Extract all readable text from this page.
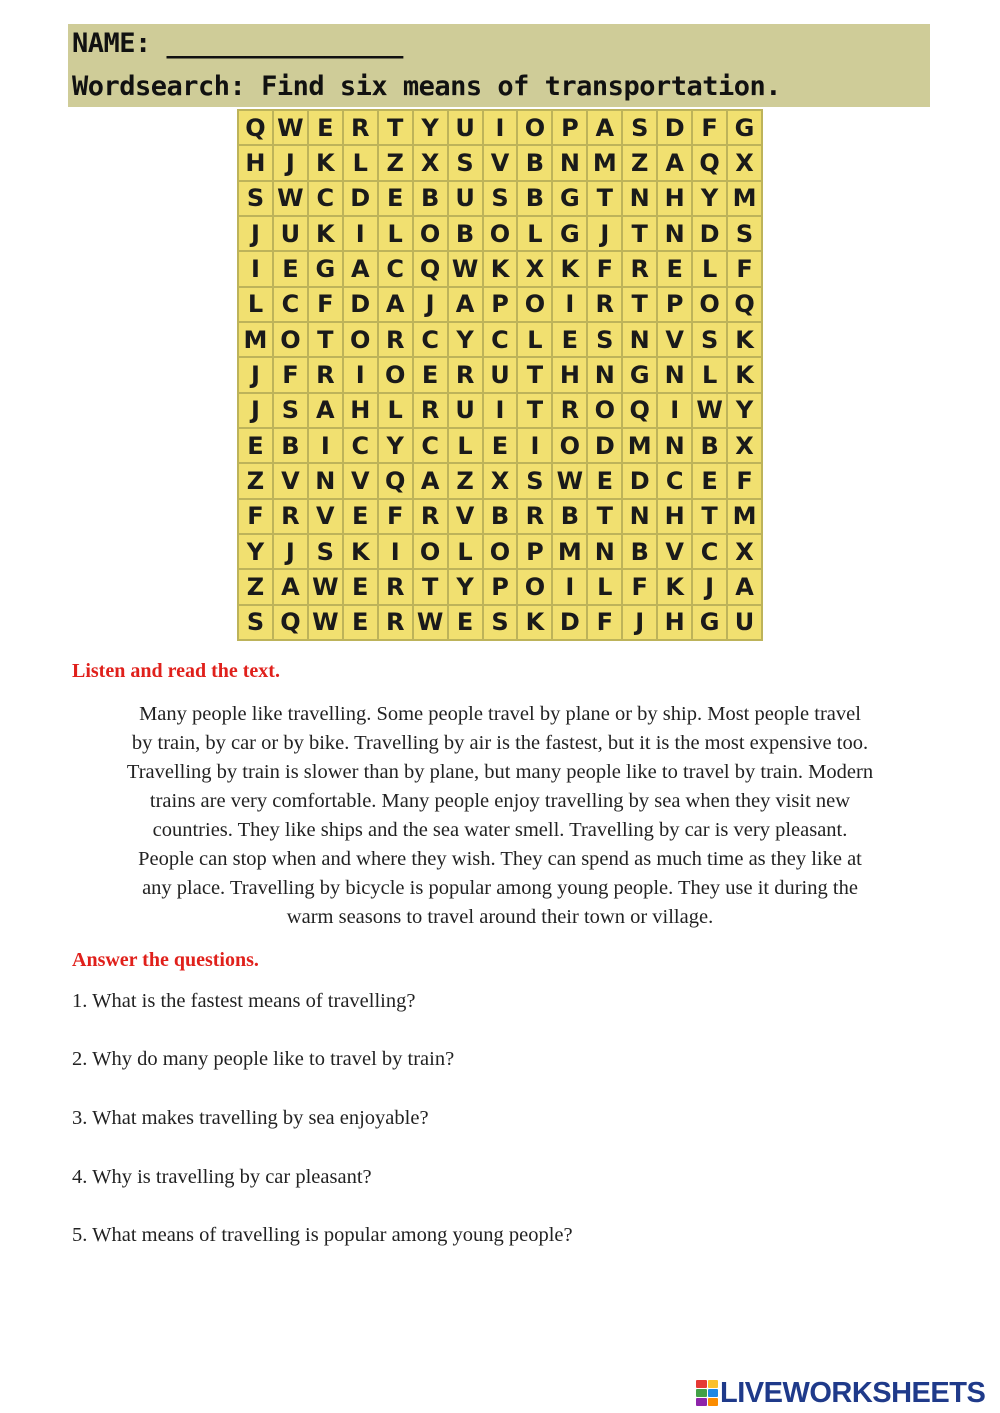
NAME: _______________
Wordsearch: Find six means of transportation.
Q W E R T Y U I O P A S D F G
H J K L Z X S V B N M Z A Q X
S W C D E B U S B G T N H Y M
J U K I L O B O L G J T N D S
I E G A C Q W K X K F R E L F
L C F D A J A P O I R T P O Q
M O T O R C Y C L E S N V S K
J F R I O E R U T H N G N L K
J S A H L R U I T R O Q I W Y
E B I C Y C L E I O D M N B X
Z V N V Q A Z X S W E D C E F
F R V E F R V B R B T N H T M
Y J S K I O L O P M N B V C X
Z A W E R T Y P O I L F K J A
S Q W E R W E S K D F J H G U
Listen and read the text.
Many people like travelling. Some people travel by plane or by ship. Most people travel
by train, by car or by bike. Travelling by air is the fastest, but it is the most expensive too.
Travelling by train is slower than by plane, but many people like to travel by train. Modern
trains are very comfortable. Many people enjoy travelling by sea when they visit new
countries. They like ships and the sea water smell. Travelling by car is very pleasant.
People can stop when and where they wish. They can spend as much time as they like at
any place. Travelling by bicycle is popular among young people. They use it during the
warm seasons to travel around their town or village.
Answer the questions.
1. What is the fastest means of travelling?
2. Why do many people like to travel by train?
3. What makes travelling by sea enjoyable?
4. Why is travelling by car pleasant?
5. What means of travelling is popular among young people?
LIVEWORKSHEETS
